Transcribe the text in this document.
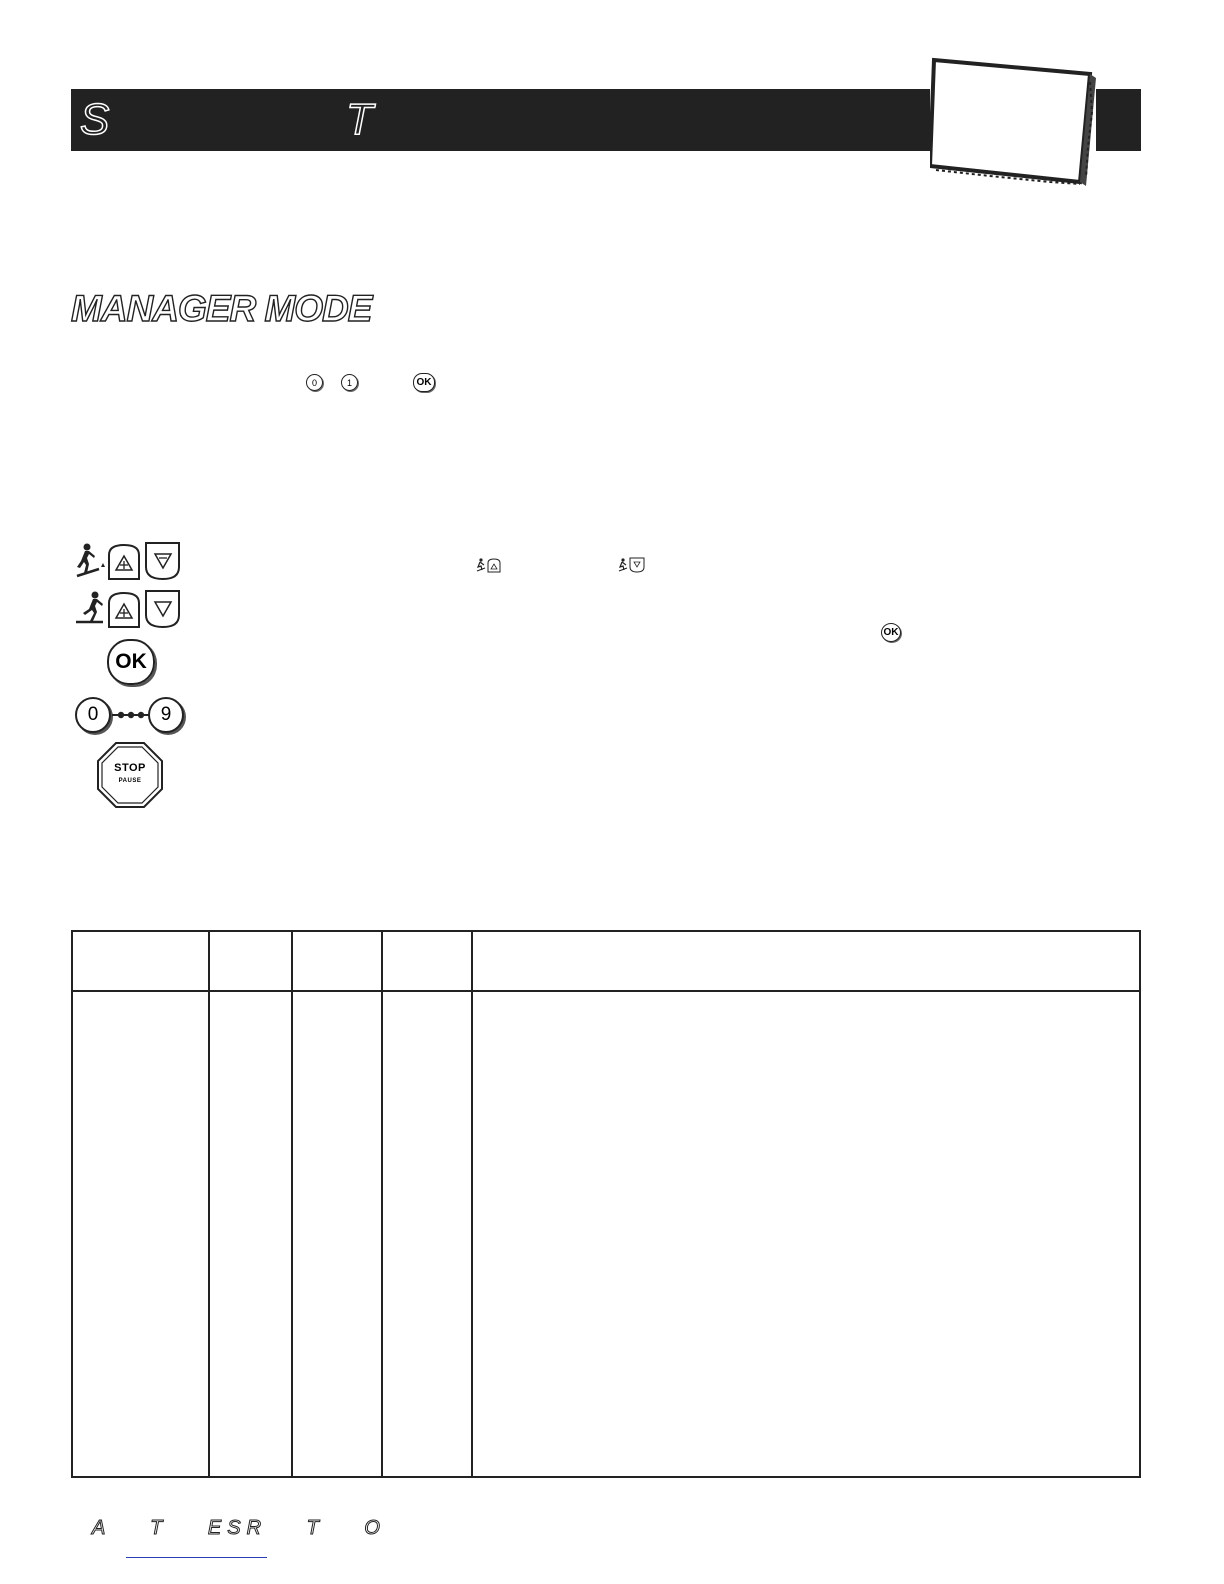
S	T
MANAGER MODE
0	1	OK
OK
OK
0	9
STOP
PAUSE
A T ESR T O
